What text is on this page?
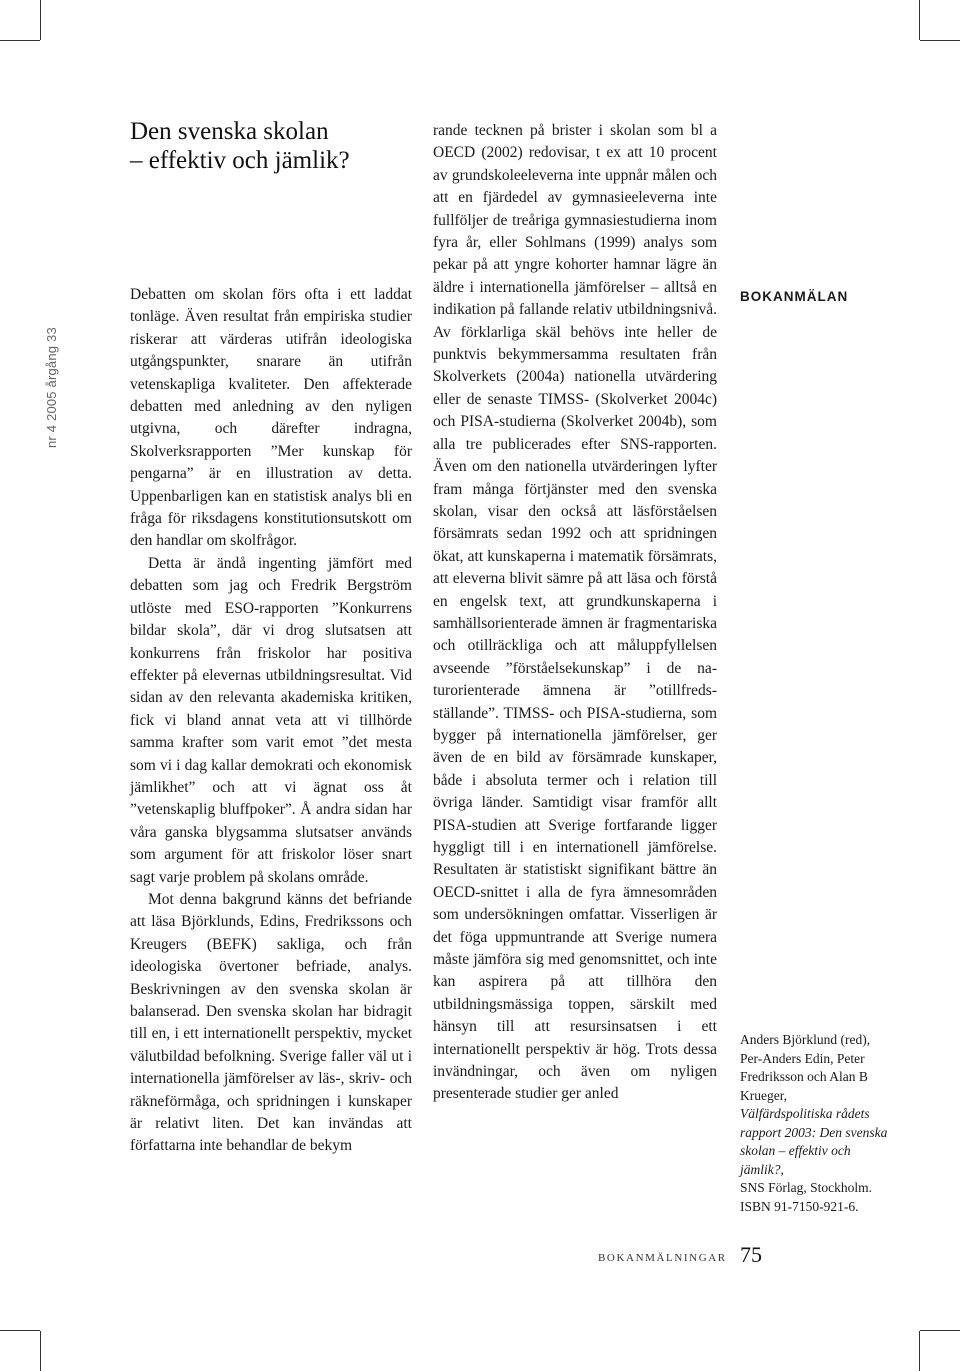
nr 4 2005 årgång 33
Den svenska skolan
– effektiv och jämlik?

Debatten om skolan förs ofta i ett laddat tonläge. Även resultat från empiriska studier riskerar att värderas utifrån ideologiska utgångspunkter, snarare än utifrån vetenskapliga kvaliteter. Den affekterade debatten med anledning av den nyligen utgivna, och därefter indragna, Skolverksrapporten ”Mer kunskap för pengarna” är en illustration av detta. Uppenbarligen kan en statistisk analys bli en fråga för riksdagens konstitutionsutskott om den handlar om skolfrågor.

Detta är ändå ingenting jämfört med debatten som jag och Fredrik Bergström utlöste med ESO-rapporten ”Konkurrens bildar skola”, där vi drog slutsatsen att konkurrens från friskolor har positiva effekter på elevernas utbildningsresultat. Vid sidan av den relevanta akademiska kritiken, fick vi bland annat veta att vi tillhörde samma krafter som varit emot ”det mesta som vi i dag kallar demokrati och ekonomisk jämlikhet” och att vi ägnat oss åt ”vetenskaplig bluffpoker”. Å andra sidan har våra ganska blygsamma slutsatser används som argument för att friskolor löser snart sagt varje problem på skolans område.

Mot denna bakgrund känns det befriande att läsa Björklunds, Edins, Fredrikssons och Kreugers (BEFK) sakliga, och från ideologiska övertoner befriade, analys. Beskrivningen av den svenska skolan är balanserad. Den svenska skolan har bidragit till en, i ett internationellt perspektiv, mycket välutbildad befolkning. Sverige faller väl ut i internationella jämförelser av läs-, skriv- och räkneförmåga, och spridningen i kunskaper är relativt liten. Det kan invändas att författarna inte behandlar de bekym

rande tecknen på brister i skolan som bl a OECD (2002) redovisar, t ex att 10 procent av grundskoleeleverna inte uppnår målen och att en fjärdedel av gymnasieeleverna inte fullföljer de treåriga gymnasiestudierna inom fyra år, eller Sohlmans (1999) analys som pekar på att yngre kohorter hamnar lägre än äldre i internationella jämförelser – alltså en indikation på fallande relativ utbildningsnivå. Av förklarliga skäl behövs inte heller de punktvis bekymmersamma resultaten från Skolverkets (2004a) nationella utvärdering eller de senaste TIMSS- (Skolverket 2004c) och PISA-studierna (Skolverket 2004b), som alla tre publicerades efter SNS-rapporten. Även om den nationella utvärderingen lyfter fram många förtjänster med den svenska skolan, visar den också att läsförståelsen försämrats sedan 1992 och att spridningen ökat, att kunskaperna i matematik försämrats, att eleverna blivit sämre på att läsa och förstå en engelsk text, att grundkunskaperna i samhällsorienterade ämnen är fragmentariska och otillräckliga och att måluppfyllelsen avseende ”förståelsekunskap” i de naturorienterade ämnena är ”otillfredsställande”. TIMSS- och PISA-studierna, som bygger på internationella jämförelser, ger även de en bild av försämrade kunskaper, både i absoluta termer och i relation till övriga länder. Samtidigt visar framför allt PISA-studien att Sverige fortfarande ligger hyggligt till i en internationell jämförelse. Resultaten är statistiskt signifikant bättre än OECD-snittet i alla de fyra ämnesområden som undersökningen omfattar. Visserligen är det föga uppmuntrande att Sverige numera måste jämföra sig med genomsnittet, och inte kan aspirera på att tillhöra den utbildningsmässiga toppen, särskilt med hänsyn till att resursinsatsen i ett internationellt perspektiv är hög. Trots dessa invändningar, och även om nyligen presenterade studier ger anled

BOKANMÄLAN
Anders Björklund (red), Per-Anders Edin, Peter Fredriksson och Alan B Krueger,
Välfärdspolitiska rådets rapport 2003: Den svenska skolan – effektiv och jämlik?,
SNS Förlag, Stockholm.
ISBN 91-7150-921-6.
BOKANMÄLNINGAR 75
